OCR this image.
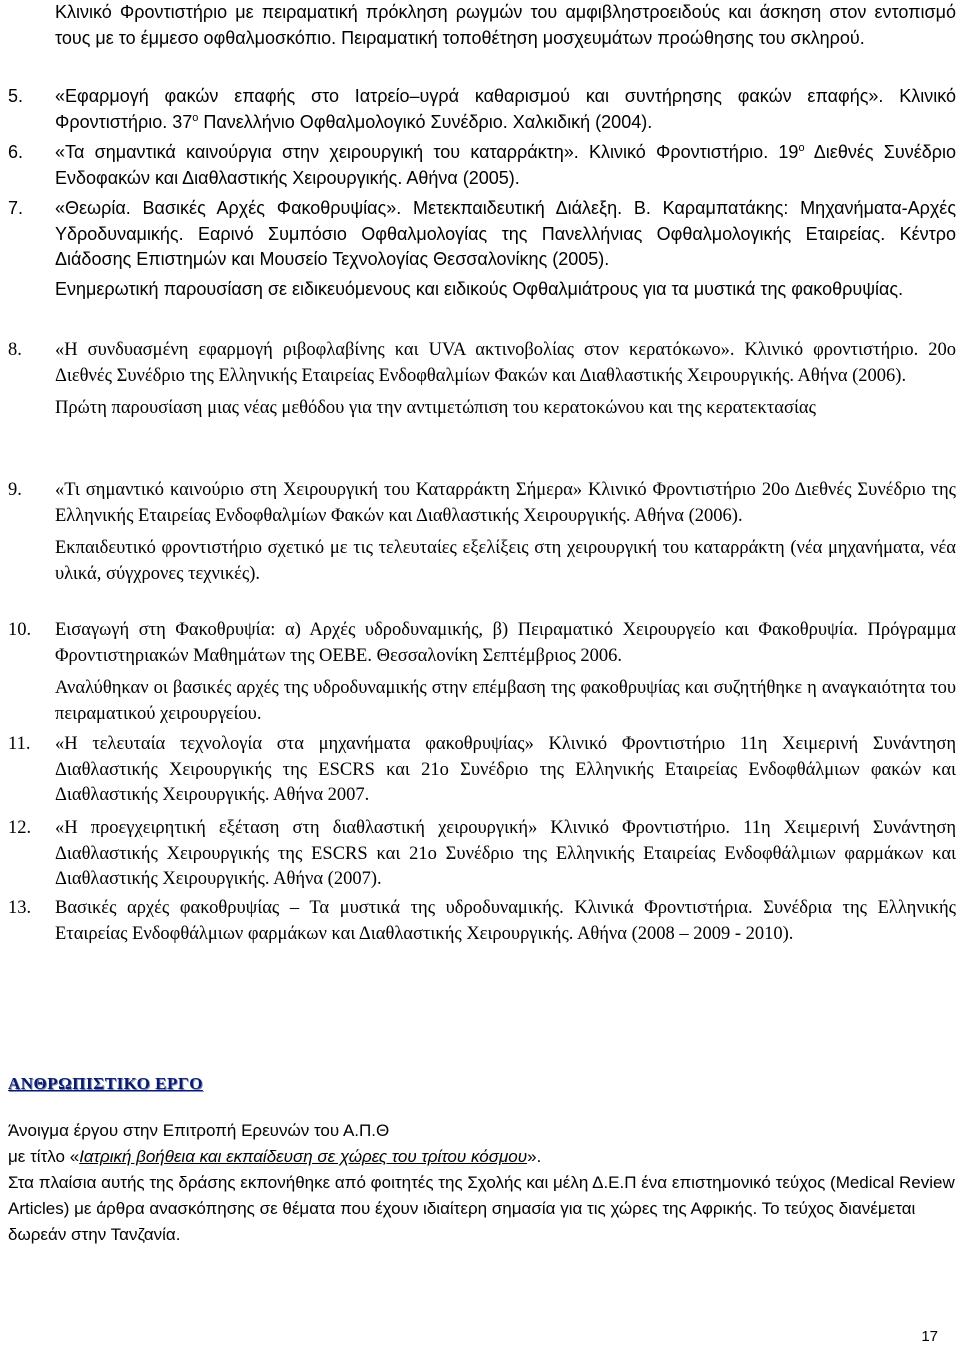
Κλινικό Φροντιστήριο με πειραματική πρόκληση ρωγμών του αμφιβληστροειδούς και άσκηση στον εντοπισμό τους με το έμμεσο οφθαλμοσκόπιο. Πειραματική τοποθέτηση μοσχευμάτων προώθησης του σκληρού.
5.	«Εφαρμογή φακών επαφής στο Ιατρείο–υγρά καθαρισμού και συντήρησης φακών επαφής». Κλινικό Φροντιστήριο. $37^o$ Πανελλήνιο Οφθαλμολογικό Συνέδριο. Χαλκιδική (2004).
6.	«Τα σημαντικά καινούργια στην χειρουργική του καταρράκτη». Κλινικό Φροντιστήριο. $19^o$ Διεθνές Συνέδριο Ενδοφακών και Διαθλαστικής Χειρουργικής. Αθήνα (2005).
7.	«Θεωρία. Βασικές Αρχές Φακοθρυψίας». Μετεκπαιδευτική Διάλεξη. Β. Καραμπατάκης: Μηχανήματα-Αρχές Υδροδυναμικής. Εαρινό Συμπόσιο Οφθαλμολογίας της Πανελλήνιας Οφθαλμολογικής Εταιρείας. Κέντρο Διάδοσης Επιστημών και Μουσείο Τεχνολογίας Θεσσαλονίκης (2005).
Ενημερωτική παρουσίαση σε ειδικευόμενους και ειδικούς Οφθαλμιάτρους για τα μυστικά της φακοθρυψίας.
8.	«Η συνδυασμένη εφαρμογή ριβοφλαβίνης και UVA ακτινοβολίας στον κερατόκωνο». Κλινικό φροντιστήριο. 20ο Διεθνές Συνέδριο της Ελληνικής Εταιρείας Ενδοφθαλμίων Φακών και Διαθλαστικής Χειρουργικής. Αθήνα (2006).
Πρώτη παρουσίαση μιας νέας μεθόδου για την αντιμετώπιση του κερατοκώνου και της κερατεκτασίας
9.	«Τι σημαντικό καινούριο στη Χειρουργική του Καταρράκτη Σήμερα» Κλινικό Φροντιστήριο 20ο Διεθνές Συνέδριο της Ελληνικής Εταιρείας Ενδοφθαλμίων Φακών και Διαθλαστικής Χειρουργικής. Αθήνα (2006).
Εκπαιδευτικό φροντιστήριο σχετικό με τις τελευταίες εξελίξεις στη χειρουργική του καταρράκτη (νέα μηχανήματα, νέα υλικά, σύγχρονες τεχνικές).
10.	Εισαγωγή στη Φακοθρυψία: α) Αρχές υδροδυναμικής, β) Πειραματικό Χειρουργείο και Φακοθρυψία. Πρόγραμμα Φροντιστηριακών Μαθημάτων της ΟΕΒΕ. Θεσσαλονίκη Σεπτέμβριος 2006.
Αναλύθηκαν οι βασικές αρχές της υδροδυναμικής στην επέμβαση της φακοθρυψίας και συζητήθηκε η αναγκαιότητα του πειραματικού χειρουργείου.
11.	«Η τελευταία τεχνολογία στα μηχανήματα φακοθρυψίας» Κλινικό Φροντιστήριο 11η Χειμερινή Συνάντηση Διαθλαστικής Χειρουργικής της ESCRS και 21ο Συνέδριο της Ελληνικής Εταιρείας Ενδοφθάλμιων φακών και Διαθλαστικής Χειρουργικής. Αθήνα 2007.
12.	«Η προεγχειρητική εξέταση στη διαθλαστική χειρουργική» Κλινικό Φροντιστήριο. 11η Χειμερινή Συνάντηση Διαθλαστικής Χειρουργικής της ESCRS και 21ο Συνέδριο της Ελληνικής Εταιρείας Ενδοφθάλμιων φαρμάκων και Διαθλαστικής Χειρουργικής. Αθήνα (2007).
13.	Βασικές αρχές φακοθρυψίας – Τα μυστικά της υδροδυναμικής. Κλινικά Φροντιστήρια. Συνέδρια της Ελληνικής Εταιρείας Ενδοφθάλμιων φαρμάκων και Διαθλαστικής Χειρουργικής. Αθήνα (2008 – 2009 - 2010).
ΑΝΘΡΩΠΙΣΤΙΚΟ ΕΡΓΟ

Άνοιγμα έργου στην Επιτροπή Ερευνών του Α.Π.Θ

με τίτλο «Ιατρική βοήθεια και εκπαίδευση σε χώρες του τρίτου κόσμου».

Στα πλαίσια αυτής της δράσης εκπονήθηκε από φοιτητές της Σχολής και μέλη Δ.Ε.Π ένα επιστημονικό τεύχος (Medical Review Articles) με άρθρα ανασκόπησης σε θέματα που έχουν ιδιαίτερη σημασία για τις χώρες της Αφρικής. Το τεύχος διανέμεται δωρεάν στην Τανζανία.

17
